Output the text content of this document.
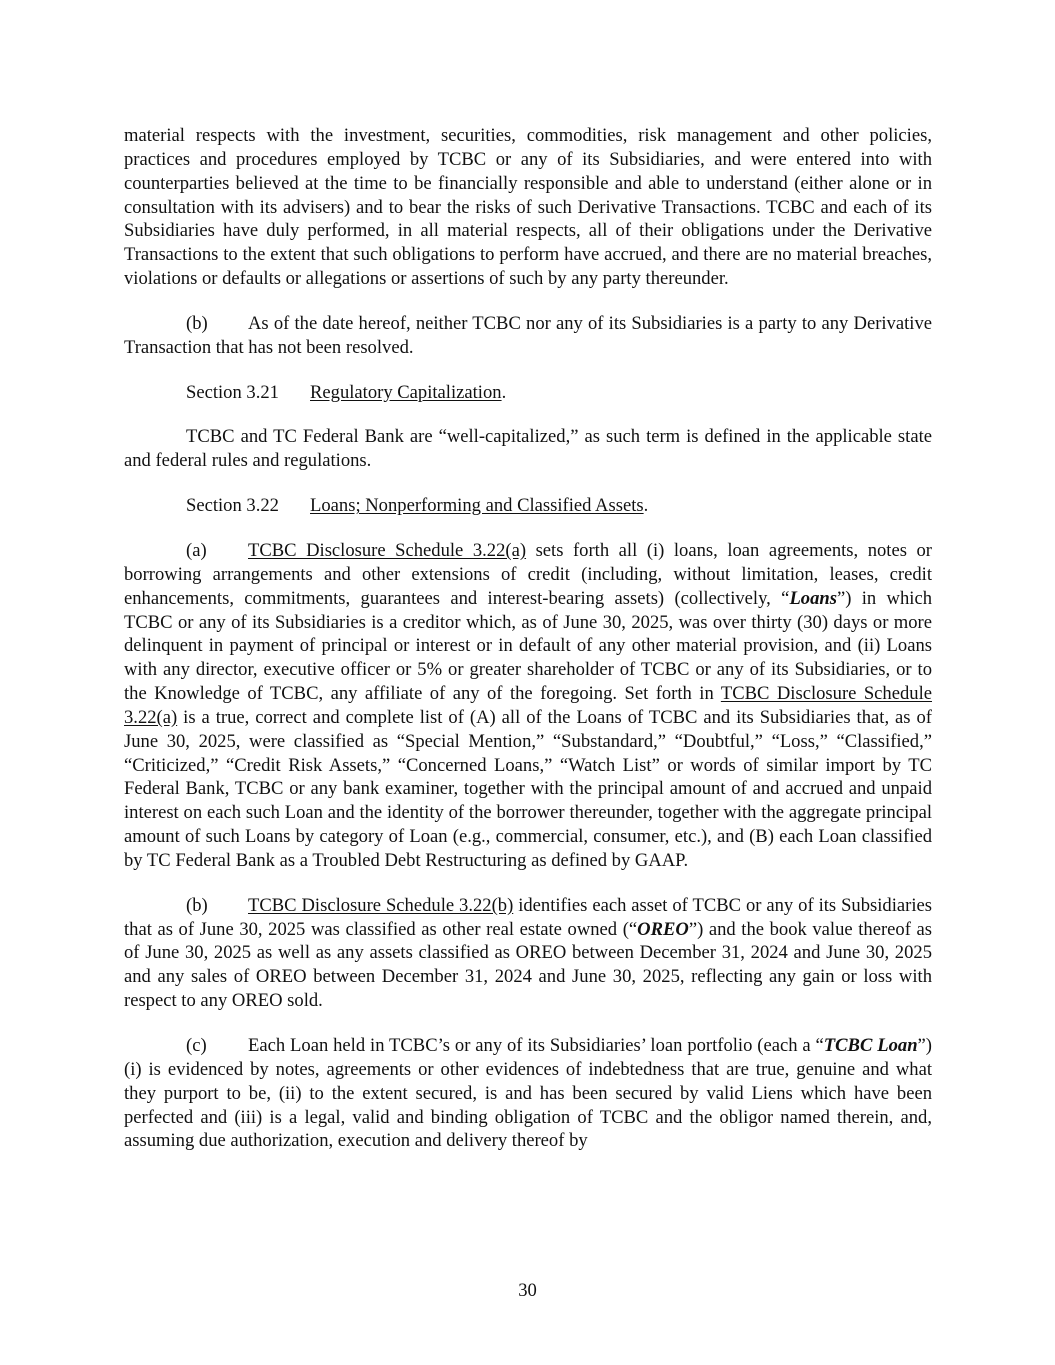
material respects with the investment, securities, commodities, risk management and other policies, practices and procedures employed by TCBC or any of its Subsidiaries, and were entered into with counterparties believed at the time to be financially responsible and able to understand (either alone or in consultation with its advisers) and to bear the risks of such Derivative Transactions. TCBC and each of its Subsidiaries have duly performed, in all material respects, all of their obligations under the Derivative Transactions to the extent that such obligations to perform have accrued, and there are no material breaches, violations or defaults or allegations or assertions of such by any party thereunder.

(b) As of the date hereof, neither TCBC nor any of its Subsidiaries is a party to any Derivative Transaction that has not been resolved.

Section 3.21 Regulatory Capitalization.

TCBC and TC Federal Bank are “well-capitalized,” as such term is defined in the applicable state and federal rules and regulations.

Section 3.22 Loans; Nonperforming and Classified Assets.

(a) TCBC Disclosure Schedule 3.22(a) sets forth all (i) loans, loan agreements, notes or borrowing arrangements and other extensions of credit (including, without limitation, leases, credit enhancements, commitments, guarantees and interest-bearing assets) (collectively, “Loans”) in which TCBC or any of its Subsidiaries is a creditor which, as of June 30, 2025, was over thirty (30) days or more delinquent in payment of principal or interest or in default of any other material provision, and (ii) Loans with any director, executive officer or 5% or greater shareholder of TCBC or any of its Subsidiaries, or to the Knowledge of TCBC, any affiliate of any of the foregoing. Set forth in TCBC Disclosure Schedule 3.22(a) is a true, correct and complete list of (A) all of the Loans of TCBC and its Subsidiaries that, as of June 30, 2025, were classified as “Special Mention,” “Substandard,” “Doubtful,” “Loss,” “Classified,” “Criticized,” “Credit Risk Assets,” “Concerned Loans,” “Watch List” or words of similar import by TC Federal Bank, TCBC or any bank examiner, together with the principal amount of and accrued and unpaid interest on each such Loan and the identity of the borrower thereunder, together with the aggregate principal amount of such Loans by category of Loan (e.g., commercial, consumer, etc.), and (B) each Loan classified by TC Federal Bank as a Troubled Debt Restructuring as defined by GAAP.

(b) TCBC Disclosure Schedule 3.22(b) identifies each asset of TCBC or any of its Subsidiaries that as of June 30, 2025 was classified as other real estate owned (“OREO”) and the book value thereof as of June 30, 2025 as well as any assets classified as OREO between December 31, 2024 and June 30, 2025 and any sales of OREO between December 31, 2024 and June 30, 2025, reflecting any gain or loss with respect to any OREO sold.

(c) Each Loan held in TCBC’s or any of its Subsidiaries’ loan portfolio (each a “TCBC Loan”) (i) is evidenced by notes, agreements or other evidences of indebtedness that are true, genuine and what they purport to be, (ii) to the extent secured, is and has been secured by valid Liens which have been perfected and (iii) is a legal, valid and binding obligation of TCBC and the obligor named therein, and, assuming due authorization, execution and delivery thereof by

30
